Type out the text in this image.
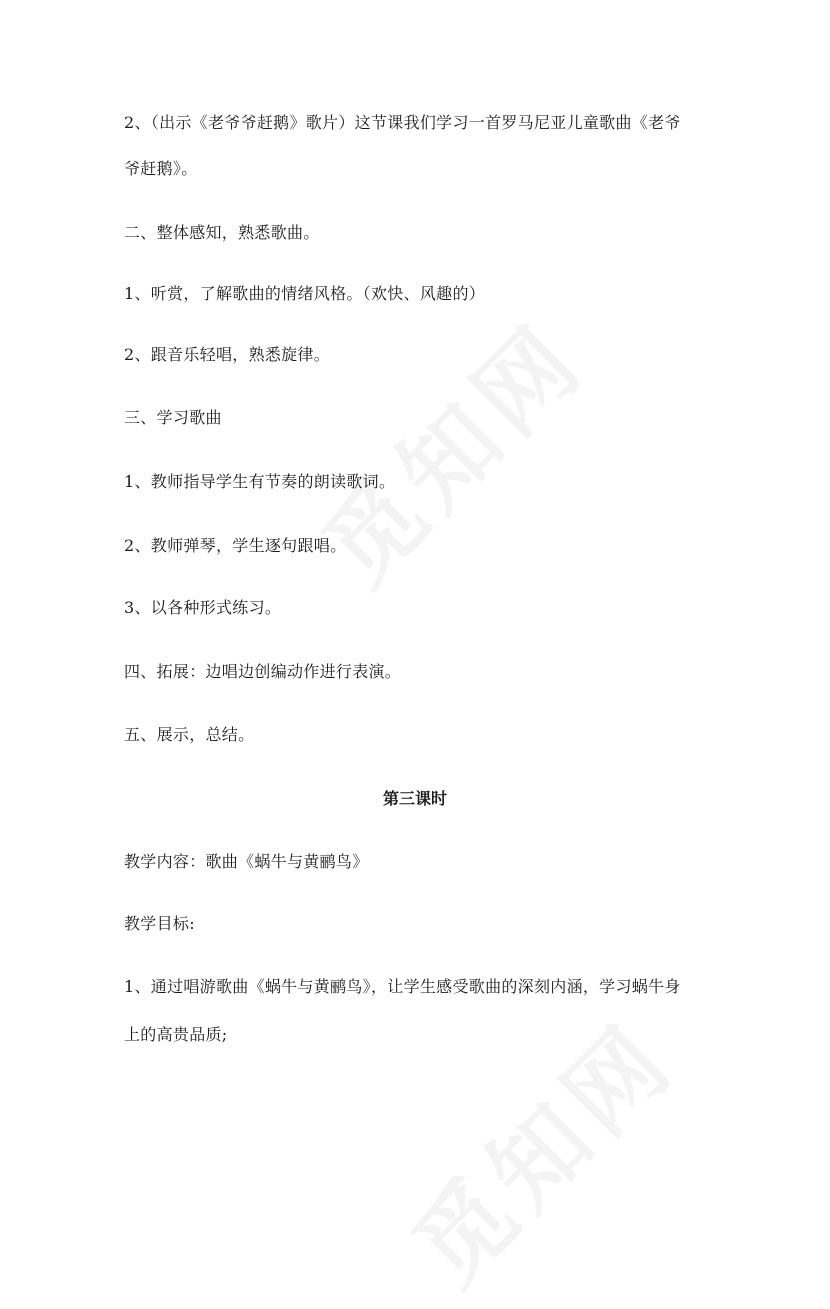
2、（出示《老爷爷赶鹅》歌片）这节课我们学习一首罗马尼亚儿童歌曲《老爷
爷赶鹅》。
二、整体感知，熟悉歌曲。
1、听赏，了解歌曲的情绪风格。（欢快、风趣的）
2、跟音乐轻唱，熟悉旋律。
三、学习歌曲
1、教师指导学生有节奏的朗读歌词。
2、教师弹琴，学生逐句跟唱。
3、以各种形式练习。
四、拓展：边唱边创编动作进行表演。
五、展示，总结。
第三课时
教学内容：歌曲《蜗牛与黄鹂鸟》
教学目标:
1、通过唱游歌曲《蜗牛与黄鹂鸟》，让学生感受歌曲的深刻内涵，学习蜗牛身
上的高贵品质;
